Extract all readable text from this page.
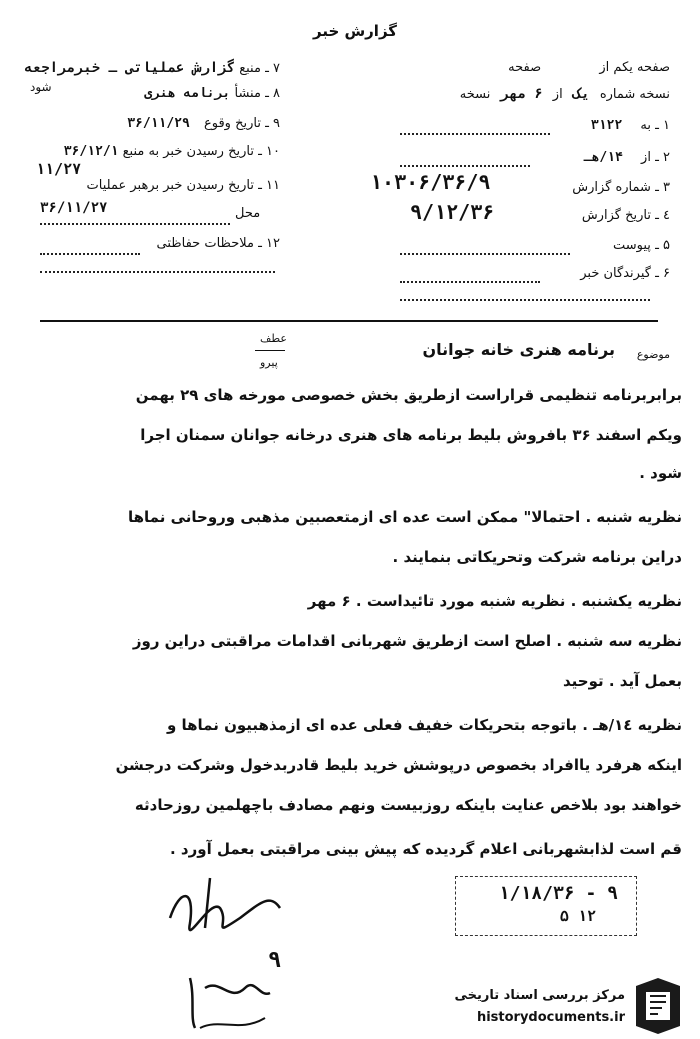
گزارش خبر
۷ ـ منبع گزارش عملیاتی ـ خبرمراجعه
۸ ـ منشأ برنامه هنری
شود
۹ ـ تاریخ وقوع ۳۶/۱۱/۲۹
۱۰ ـ تاریخ رسیدن خبر به منبع ۳۶/۱۲/۱
۱۱/۲۷
۱۱ ـ تاریخ رسیدن خبر برهبر عملیات
۳۶/۱۱/۲۷	محل
۱۲ ـ ملاحظات حفاظتی
صفحه یکم از  صفحه
نسخه شماره یک از ۶ مهر نسخه
۱ ـ به ۳۱۲۲
۲ ـ از ۱۴/هـ
۳ ـ شماره گزارش
۱۰۳۰۶/۳۶/۹
٤ ـ تاریخ گزارش
۹/۱۲/۳۶
۵ ـ پیوست
۶ ـ گیرندگان خبر
موضوع
برنامه هنری خانه جوانان
عطف
پیرو
برابربرنامه تنظیمی قراراست ازطریق بخش خصوصی مورخه های ۲۹ بهمن
ویکم اسفند ۳۶ بافروش بلیط برنامه های هنری درخانه جوانان سمنان اجرا
شود .
نظریه شنبه . احتمالا" ممکن است عده ای ازمتعصبین مذهبی وروحانی نماها
دراین برنامه شرکت وتحریکاتی بنمایند .
نظریه یکشنبه . نظریه شنبه مورد تائیداست . ۶ مهر
نظریه سه شنبه . اصلح است ازطریق شهربانی اقدامات مراقبتی دراین روز
بعمل آید . توحید
نظریه ١٤/هـ . باتوجه بتحریکات خفیف فعلی عده ای ازمذهبیون نماها و
اینکه هرفرد یاافراد بخصوص درپوشش خرید بلیط قادربدخول وشرکت درجشن
خواهند بود بلاخص عنایت باینکه روزبیست ونهم مصادف باچهلمین روزحادثه
قم است لذابشهربانی اعلام گردیده که پیش بینی مراقبتی بعمل آورد .
۱/۱۸/۳۶ - ۹
۱۲ ۵
۹
مرکز بررسی اسناد تاریخی
historydocuments.ir
